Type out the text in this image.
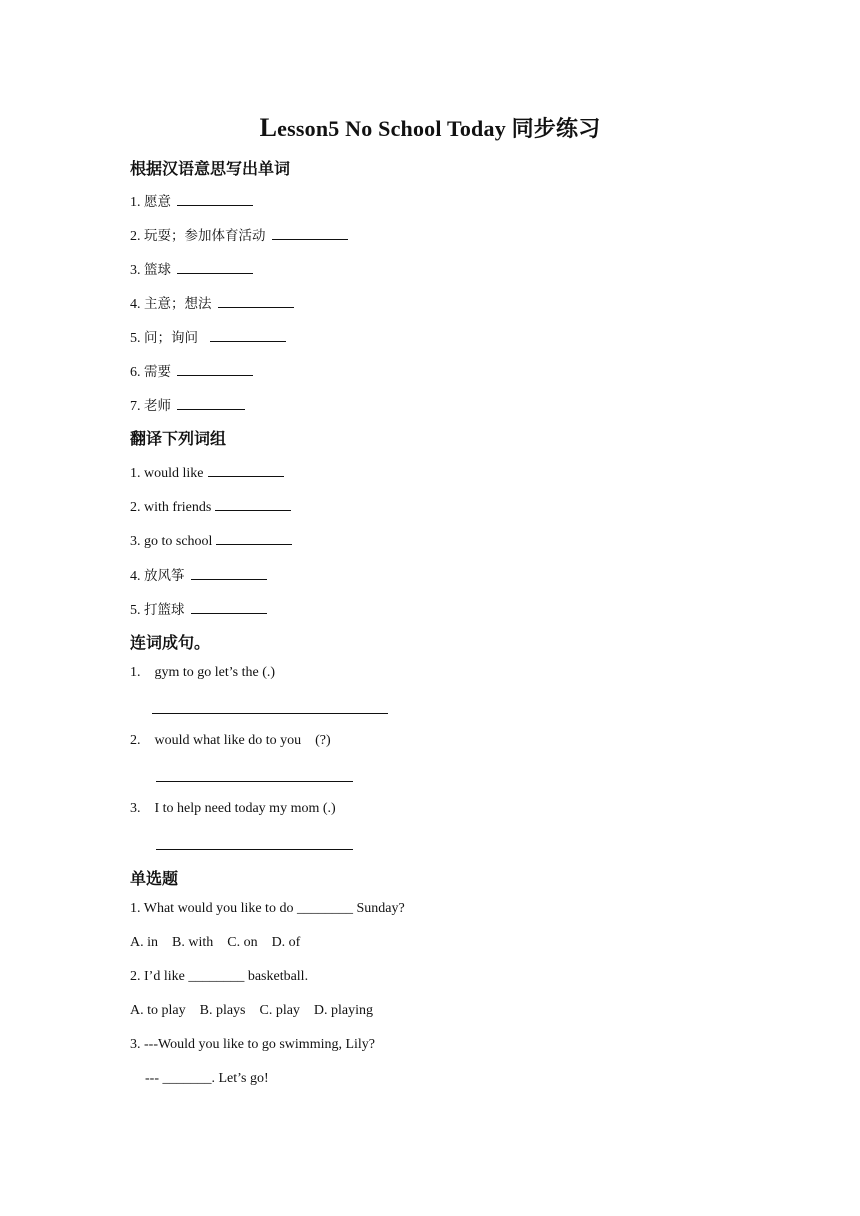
Lesson5 No School Today 同步练习
根据汉语意思写出单词
1. 愿意
2. 玩耍；参加体育活动
3. 篮球
4. 主意；想法
5. 问；询问
6. 需要
7. 老师
翻译下列词组
1. would like
2. with friends
3. go to school
4. 放风筝
5. 打篮球
连词成句。
1. gym to go let’s the (.)
2. would what like do to you    (?)
3. I to help need today my mom (.)
单选题
1. What would you like to do ________ Sunday?
A. in    B. with    C. on    D. of
2. I’d like ________ basketball.
A. to play    B. plays    C. play    D. playing
3. ---Would you like to go swimming, Lily?
--- _______. Let’s go!
